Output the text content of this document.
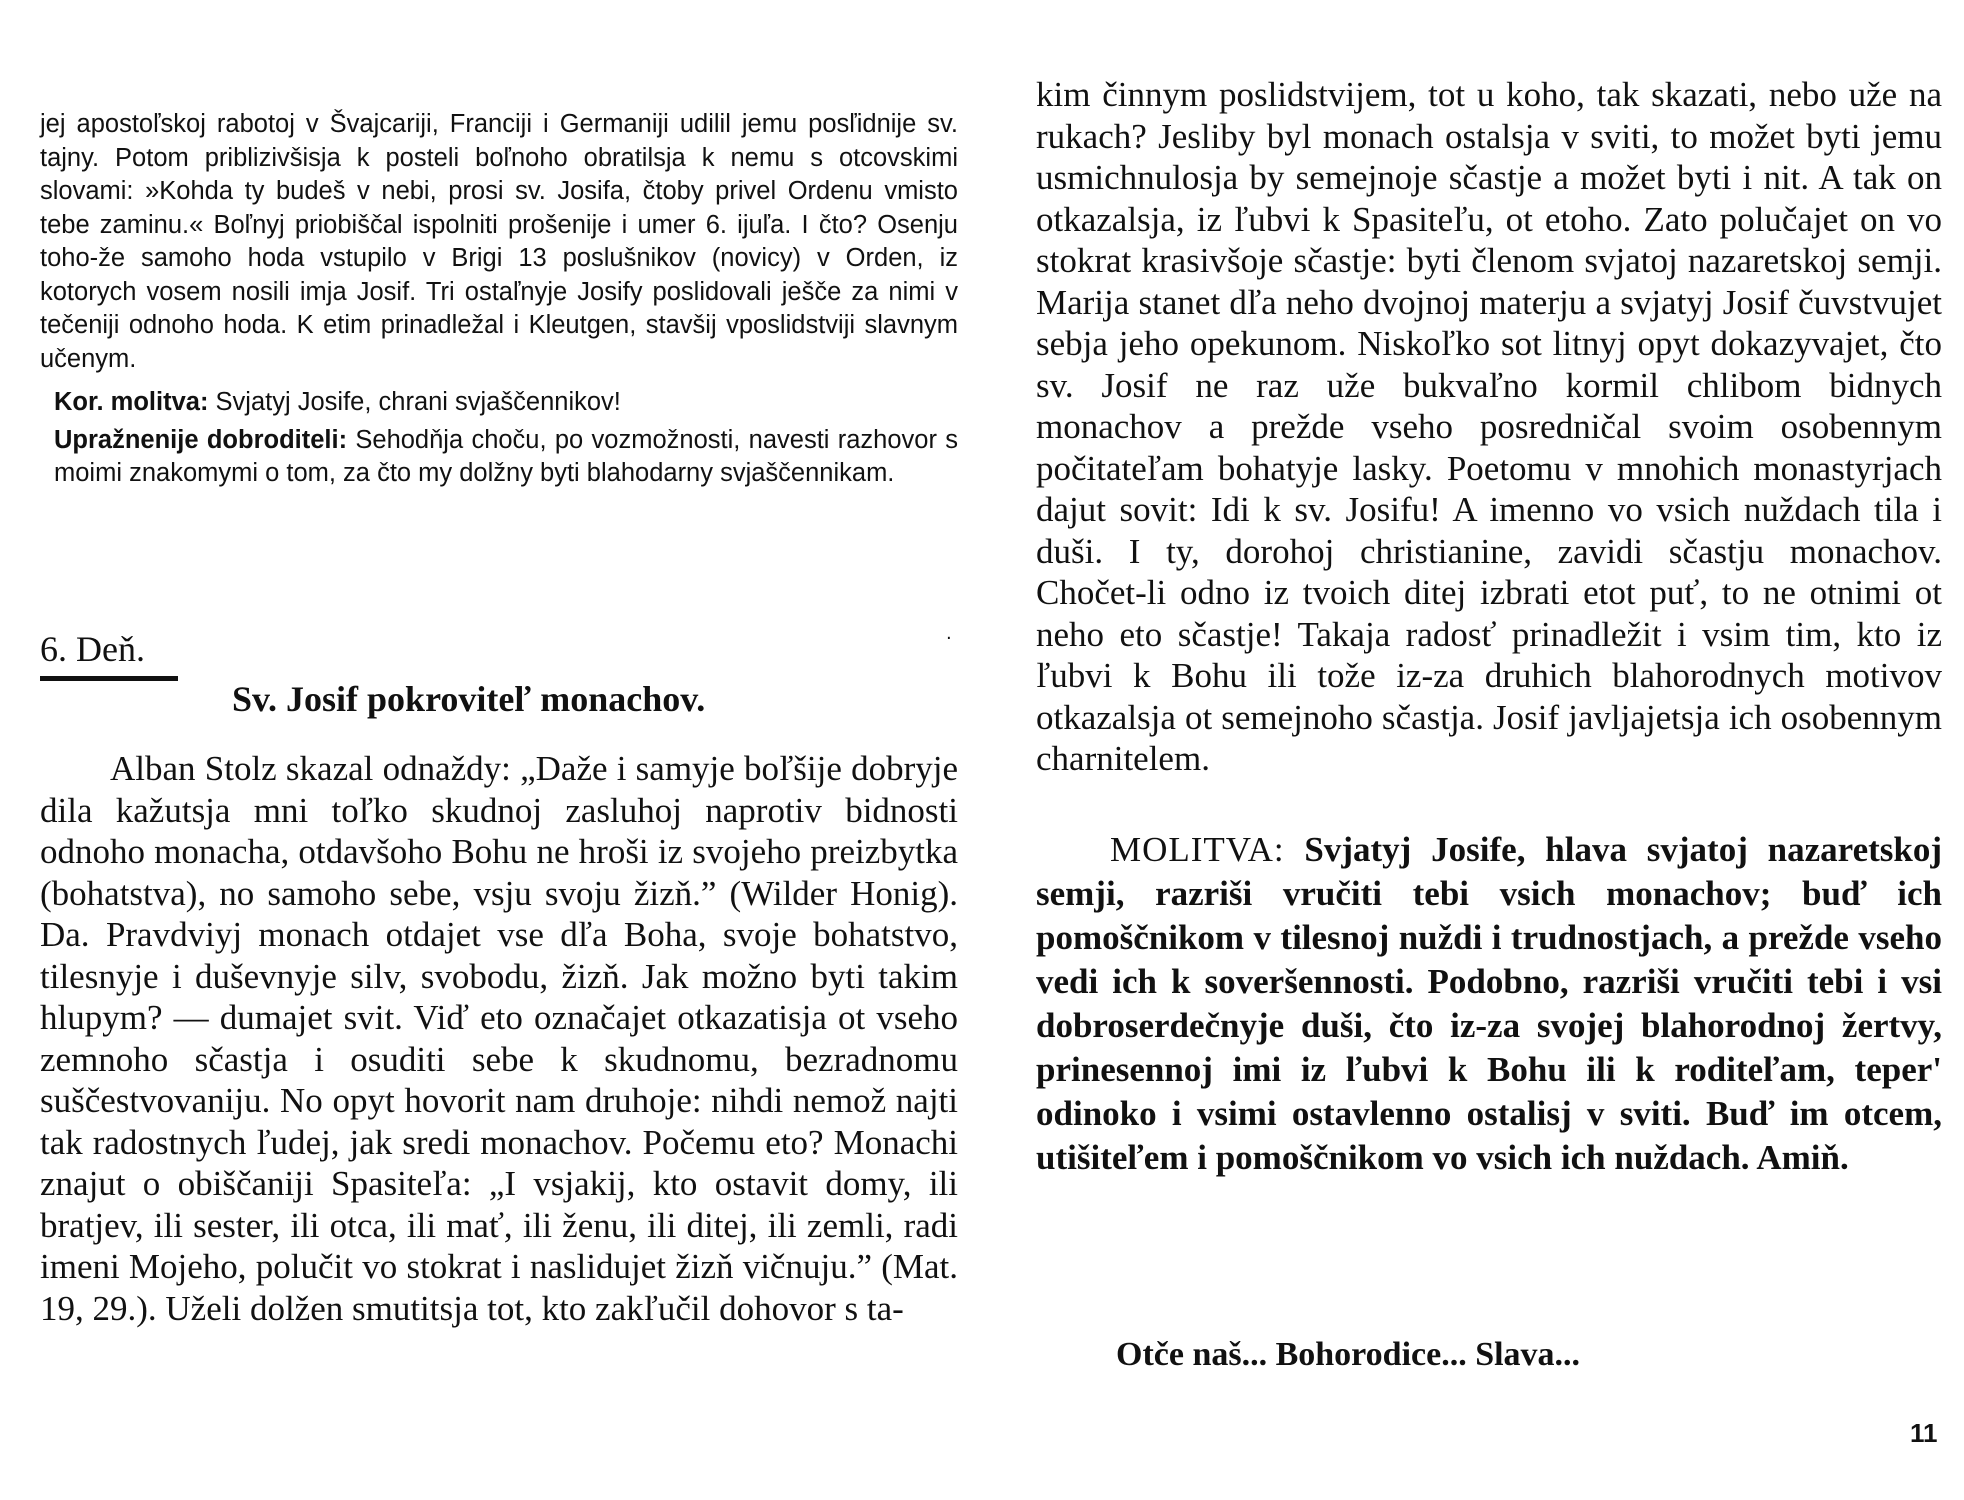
jej apostoľskoj rabotoj v Švajcariji, Franciji i Germaniji udilil jemu posľidnije sv. tajny. Potom priblizivšisja k posteli boľnoho obratilsja k nemu s otcovskimi slovami: »Kohda ty budeš v nebi, prosi sv. Josifa, čtoby privel Ordenu vmisto tebe zaminu.« Boľnyj priobiščal ispolniti prošenije i umer 6. ijuľa. I čto? Osenju toho-že samoho hoda vstupilo v Brigi 13 poslušnikov (novicy) v Orden, iz kotorych vosem nosili imja Josif. Tri ostaľnyje Josify poslidovali ješče za nimi v tečeniji odnoho hoda. K etim prinadležal i Kleutgen, stavšij vposlidstviji slavnym učenym.

Kor. molitva: Svjatyj Josife, chrani svjaščennikov!

Upražnenije dobroditeli: Sehodňja choču, po vozmožnosti, navesti razhovor s moimi znakomymi o tom, za čto my dolžny byti blahodarny svjaščennikam.

·
6. Deň.
Sv. Josif pokroviteľ monachov.

Alban Stolz skazal odnaždy: „Daže i samyje boľšije dobryje dila kažutsja mni toľko skudnoj zasluhoj naprotiv bidnosti odnoho monacha, otdavšoho Bohu ne hroši iz svojeho preizbytka (bohatstva), no samoho sebe, vsju svoju žizň.” (Wilder Honig). Da. Pravdviyj monach otdajet vse dľa Boha, svoje bohatstvo, tilesnyje i duševnyje silv, svobodu, žizň. Jak možno byti takim hlupym? — dumajet svit. Viď eto označajet otkazatisja ot vseho zemnoho sčastja i osuditi sebe k skudnomu, bezradnomu suščestvovaniju. No opyt hovorit nam druhoje: nihdi nemož najti tak radostnych ľudej, jak sredi monachov. Počemu eto? Monachi znajut o obiščaniji Spasiteľa: „I vsjakij, kto ostavit domy, ili bratjev, ili sester, ili otca, ili mať, ili ženu, ili ditej, ili zemli, radi imeni Mojeho, polučit vo stokrat i naslidujet žizň vičnuju.” (Mat. 19, 29.). Uželi dolžen smutitsja tot, kto zakľučil dohovor s ta-

kim činnym poslidstvijem, tot u koho, tak skazati, nebo uže na rukach? Jesliby byl monach ostalsja v sviti, to možet byti jemu usmichnulosja by semejnoje sčastje a možet byti i nit. A tak on otkazalsja, iz ľubvi k Spasiteľu, ot etoho. Zato polučajet on vo stokrat krasivšoje sčastje: byti členom svjatoj nazaretskoj semji. Marija stanet dľa neho dvojnoj materju a svjatyj Josif čuvstvujet sebja jeho opekunom. Niskoľko sot litnyj opyt dokazyvajet, čto sv. Josif ne raz uže bukvaľno kormil chlibom bidnych monachov a prežde vseho posredničal svoim osobennym počitateľam bohatyje lasky. Poetomu v mnohich monastyrjach dajut sovit: Idi k sv. Josifu! A imenno vo vsich nuždach tila i duši. I ty, dorohoj christianine, zavidi sčastju monachov. Chočet-li odno iz tvoich ditej izbrati etot puť, to ne otnimi ot neho eto sčastje! Takaja radosť prinadležit i vsim tim, kto iz ľubvi k Bohu ili tože iz-za druhich blahorodnych motivov otkazalsja ot semejnoho sčastja. Josif javljajetsja ich osobennym charnitelem.

MOLITVA: Svjatyj Josife, hlava svjatoj nazaretskoj semji, razriši vručiti tebi vsich monachov; buď ich pomoščnikom v tilesnoj nuždi i trudnostjach, a prežde vseho vedi ich k soveršennosti. Podobno, razriši vručiti tebi i vsi dobroserdečnyje duši, čto iz-za svojej blahorodnoj žertvy, prinesennoj imi iz ľubvi k Bohu ili k roditeľam, teper' odinoko i vsimi ostavlenno ostalisj v sviti. Buď im otcem, utišiteľem i pomoščnikom vo vsich ich nuždach. Amiň.

Otče naš... Bohorodice... Slava...
11
